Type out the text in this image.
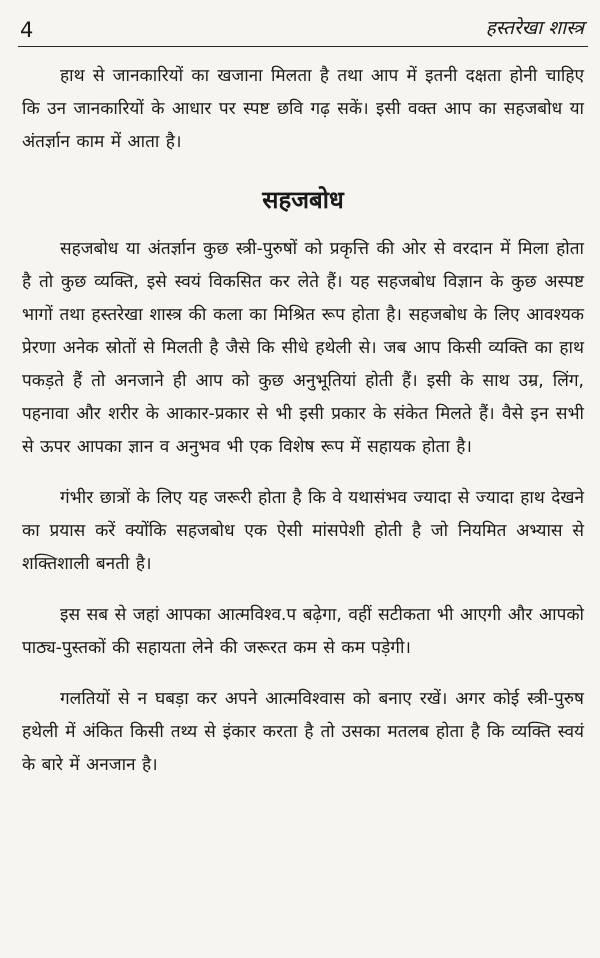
4	हस्तरेखा शास्त्र

हाथ से जानकारियों का खजाना मिलता है तथा आप में इतनी दक्षता होनी चाहिए कि उन जानकारियों के आधार पर स्पष्ट छवि गढ़ सकें। इसी वक्त आप का सहजबोध या अंतर्ज्ञान काम में आता है।

सहजबोध

सहजबोध या अंतर्ज्ञान कुछ स्त्री-पुरुषों को प्रकृत्ति की ओर से वरदान में मिला होता है तो कुछ व्यक्ति, इसे स्वयं विकसित कर लेते हैं। यह सहजबोध विज्ञान के कुछ अस्पष्ट भागों तथा हस्तरेखा शास्त्र की कला का मिश्रित रूप होता है। सहजबोध के लिए आवश्यक प्रेरणा अनेक स्रोतों से मिलती है जैसे कि सीधे हथेली से। जब आप किसी व्यक्ति का हाथ पकड़ते हैं तो अनजाने ही आप को कुछ अनुभूतियां होती हैं। इसी के साथ उम्र, लिंग, पहनावा और शरीर के आकार-प्रकार से भी इसी प्रकार के संकेत मिलते हैं। वैसे इन सभी से ऊपर आपका ज्ञान व अनुभव भी एक विशेष रूप में सहायक होता है।

गंभीर छात्रों के लिए यह जरूरी होता है कि वे यथासंभव ज्यादा से ज्यादा हाथ देखने का प्रयास करें क्योंकि सहजबोध एक ऐसी मांसपेशी होती है जो नियमित अभ्यास से शक्तिशाली बनती है।

इस सब से जहां आपका आत्मविश्व.प बढ़ेगा, वहीं सटीकता भी आएगी और आपको पाठ्य-पुस्तकों की सहायता लेने की जरूरत कम से कम पड़ेगी।

गलतियों से न घबड़ा कर अपने आत्मविश्वास को बनाए रखें। अगर कोई स्त्री-पुरुष हथेली में अंकित किसी तथ्य से इंकार करता है तो उसका मतलब होता है कि व्यक्ति स्वयं के बारे में अनजान है।
